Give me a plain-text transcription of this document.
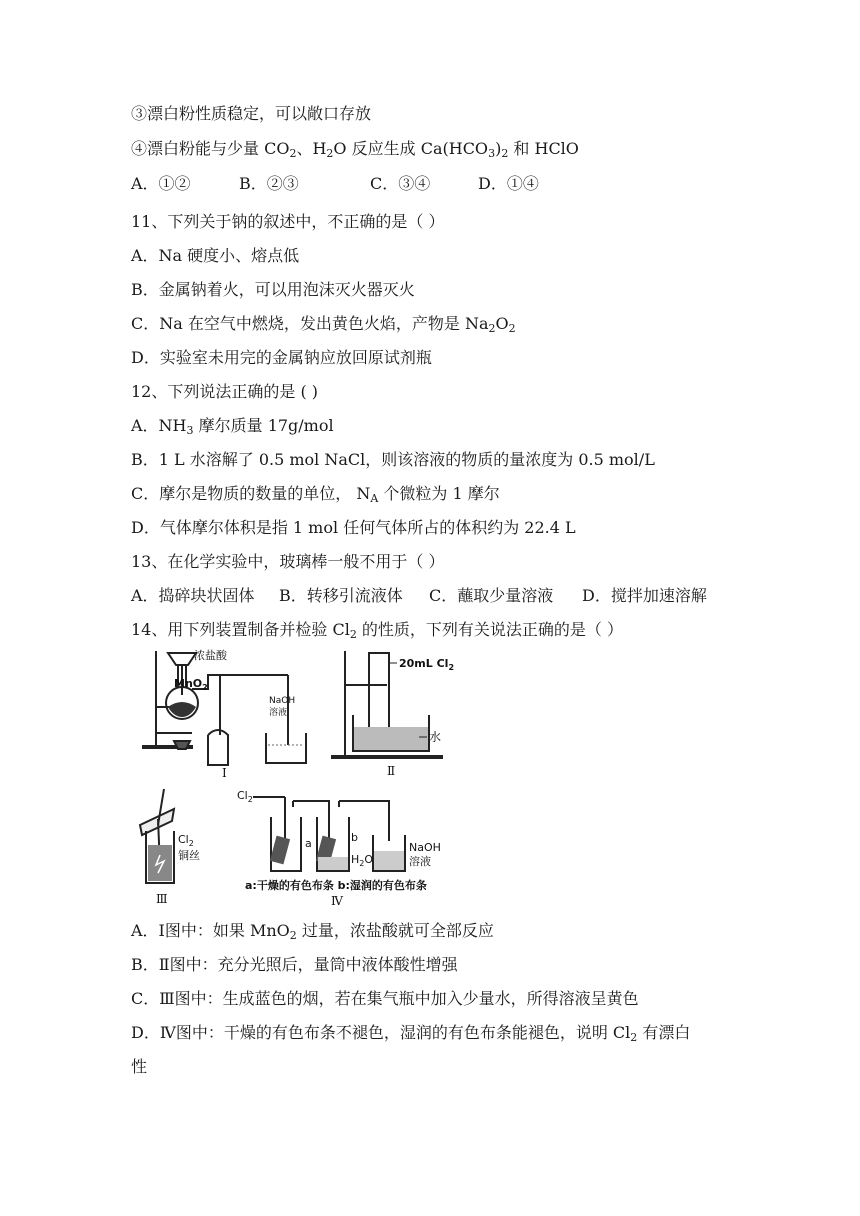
③漂白粉性质稳定，可以敞口存放
④漂白粉能与少量 $CO_2$、$H_2O$ 反应生成 $Ca(HCO_3)_2$ 和 HClO
A．①②	B．②③	C．③④	D．①④
11、下列关于钠的叙述中，不正确的是（ ）
A．Na 硬度小、熔点低
B．金属钠着火，可以用泡沫灭火器灭火
C．Na 在空气中燃烧，发出黄色火焰，产物是 $Na_2O_2$
D．实验室未用完的金属钠应放回原试剂瓶
12、下列说法正确的是 ( )
A．$NH_3$ 摩尔质量 17g/mol
B．1 L 水溶解了 0.5 mol NaCl，则该溶液的物质的量浓度为 0.5 mol/L
C．摩尔是物质的数量的单位， $N_A$ 个微粒为 1 摩尔
D．气体摩尔体积是指 1 mol 任何气体所占的体积约为 22.4 L
13、在化学实验中，玻璃棒一般不用于（ ）
A．捣碎块状固体 B．转移引流液体 C．蘸取少量溶液 D．搅拌加速溶解
14、用下列装置制备并检验 $Cl_2$ 的性质，下列有关说法正确的是（ ）
浓盐酸
MnO$_2$
NaOH
溶液
Ⅰ
20mL $Cl_2$
水
Ⅱ
$Cl_2$
铜丝
Ⅲ
$Cl_2$
a	b
$H_2O$
NaOH
溶液
a:干燥的有色布条 b:湿润的有色布条
Ⅳ
A．Ⅰ图中：如果 MnO$_2$ 过量，浓盐酸就可全部反应
B．Ⅱ图中：充分光照后，量筒中液体酸性增强
C．Ⅲ图中：生成蓝色的烟，若在集气瓶中加入少量水，所得溶液呈黄色
D．Ⅳ图中：干燥的有色布条不褪色，湿润的有色布条能褪色，说明 $Cl_2$ 有漂白
性
